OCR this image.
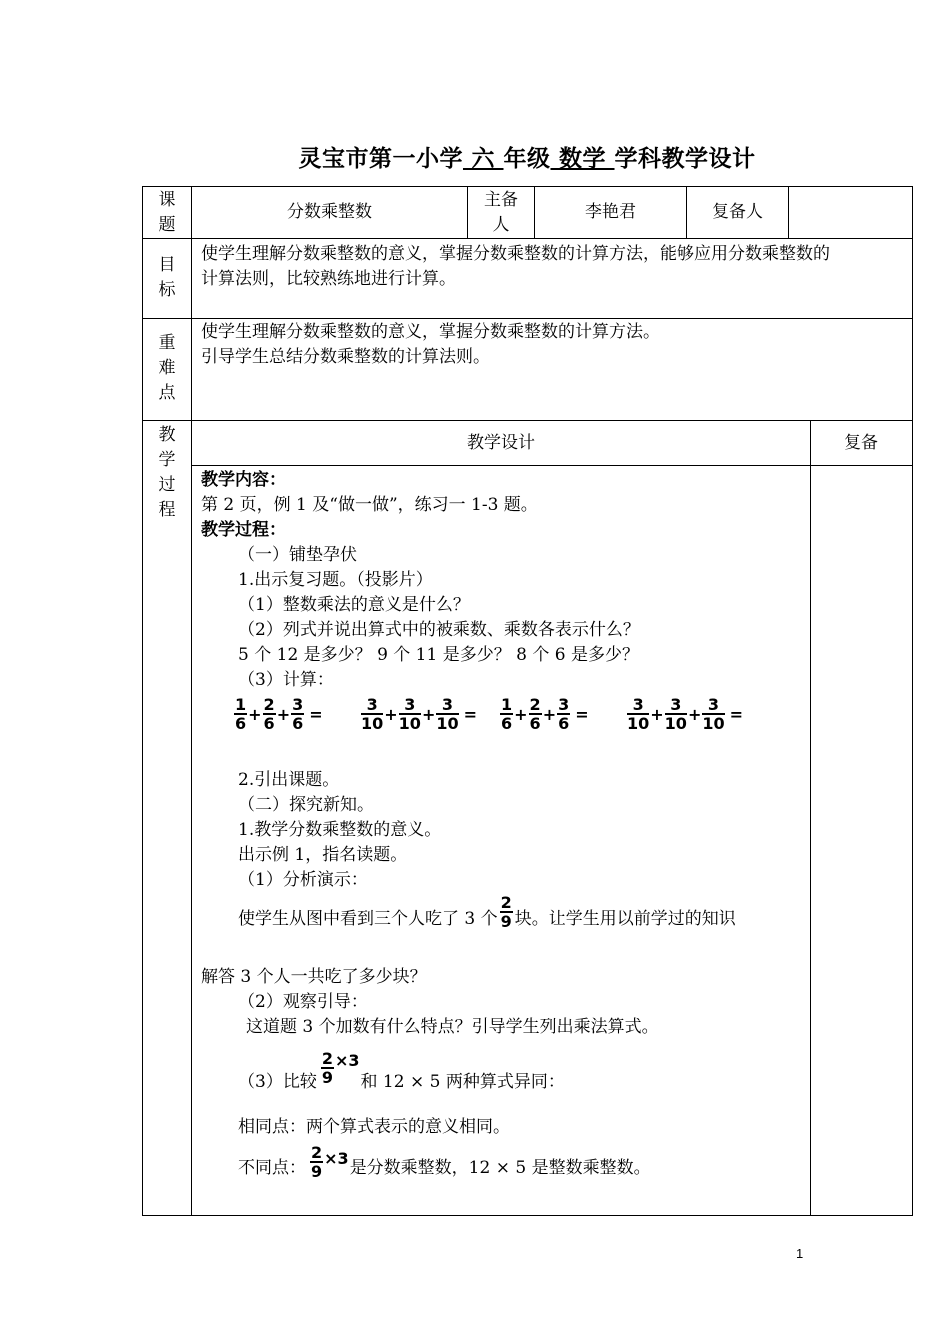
灵宝市第一小学 六 年级 数学 学科教学设计
课
题
分数乘整数
主备
人
李艳君	复备人
目
标
使学生理解分数乘整数的意义，掌握分数乘整数的计算方法，能够应用分数乘整数的
计算法则，比较熟练地进行计算。
重
难
点
使学生理解分数乘整数的意义，掌握分数乘整数的计算方法。
引导学生总结分数乘整数的计算法则。
教
学
过
程
教学设计	复备
教学内容：
第 2 页，例 1 及“做一做”，练习一 1-3 题。
教学过程：
（一）铺垫孕伏
1.出示复习题。（投影片）
（1）整数乘法的意义是什么？
（2）列式并说出算式中的被乘数、乘数各表示什么？
5 个 12 是多少？ 9 个 11 是多少？ 8 个 6 是多少？
（3）计算：
$\frac{1}{6} + \frac{2}{6} + \frac{3}{6} = \frac{3}{10} + \frac{3}{10} + \frac{3}{10} = \frac{1}{6} + \frac{2}{6} + \frac{3}{6} = \frac{3}{10} + \frac{3}{10} + \frac{3}{10}$ =
2.引出课题。
（二）探究新知。
1.教学分数乘整数的意义。
出示例 1，指名读题。
（1）分析演示：
使学生从图中看到三个人吃了 3 个 $\frac{2}{9}$ 块。让学生用以前学过的知识
解答 3 个人一共吃了多少块？
（2）观察引导：
这道题 3 个加数有什么特点？引导学生列出乘法算式。
（3）比较 $\frac{2}{9} \times 3$
和 12 × 5 两种算式异同：
相同点：两个算式表示的意义相同。
不同点： $\frac{2}{9} \times 3$ 是分数乘整数，12 × 5 是整数乘整数。
1
